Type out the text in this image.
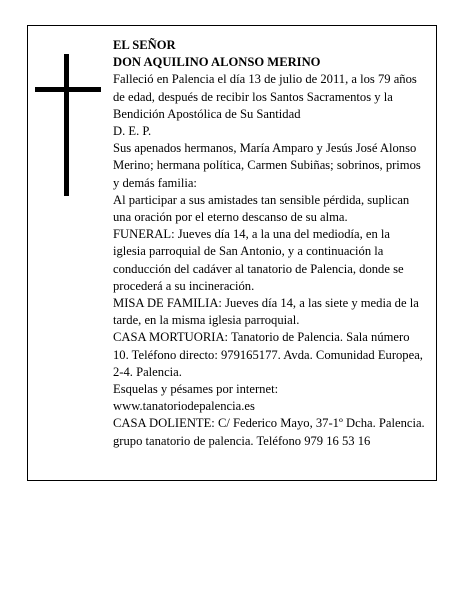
EL SEÑOR

DON AQUILINO ALONSO MERINO

Falleció en Palencia el día 13 de julio de 2011, a los 79 años de edad, después de recibir los Santos Sacramentos y la Bendición Apostólica de Su Santidad

D. E. P.

Sus apenados hermanos, María Amparo y Jesús José Alonso Merino; hermana política, Carmen Subiñas; sobrinos, primos y demás familia:

Al participar a sus amistades tan sensible pérdida, suplican una oración por el eterno descanso de su alma.

FUNERAL: Jueves día 14, a la una del mediodía, en la iglesia parroquial de San Antonio, y a continuación la conducción del cadáver al tanatorio de Palencia, donde se procederá a su incineración.

MISA DE FAMILIA: Jueves día 14, a las siete y media de la tarde, en la misma iglesia parroquial.

CASA MORTUORIA: Tanatorio de Palencia. Sala número 10. Teléfono directo: 979165177. Avda. Comunidad Europea, 2-4. Palencia.

Esquelas y pésames por internet:

www.tanatoriodepalencia.es

CASA DOLIENTE: C/ Federico Mayo, 37-1º Dcha. Palencia.

grupo tanatorio de palencia. Teléfono 979 16 53 16
